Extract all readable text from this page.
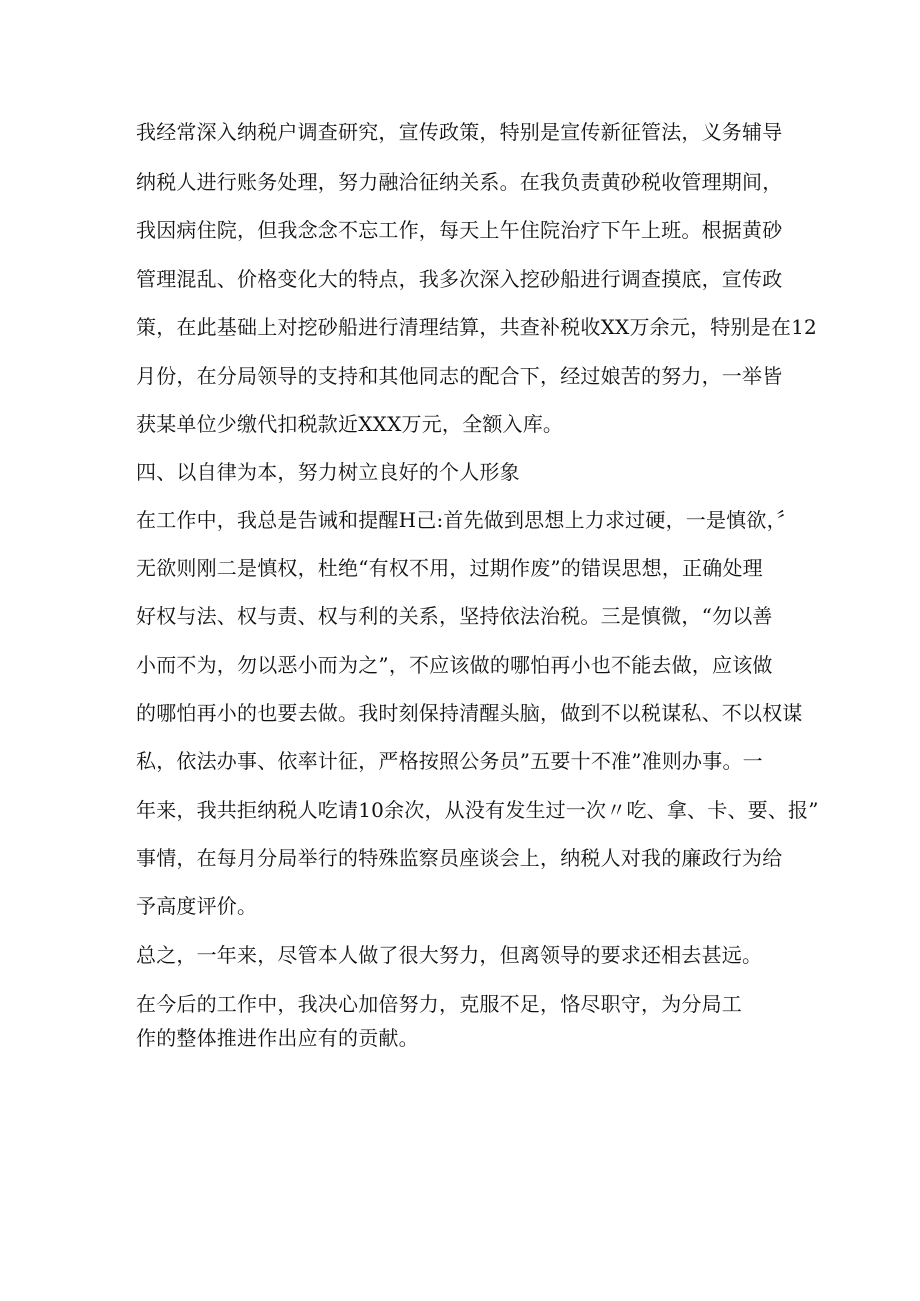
我经常深入纳税户调查研究，宣传政策，特别是宣传新征管法，义务辅导
纳税人进行账务处理，努力融洽征纳关系。在我负责黄砂税收管理期间，
我因病住院，但我念念不忘工作，每天上午住院治疗下午上班。根据黄砂
管理混乱、价格变化大的特点，我多次深入挖砂船进行调查摸底，宣传政
策，在此基础上对挖砂船进行清理结算，共查补税收XX万余元，特别是在12
月份，在分局领导的支持和其他同志的配合下，经过娘苦的努力，一举皆
获某单位少缴代扣税款近XXX万元，全额入库。
四、以自律为本，努力树立良好的个人形象
在工作中，我总是告诫和提醒H己:首先做到思想上力求过硬，一是慎欲，〞
无欲则刚二是慎权，杜绝“有权不用，过期作废”的错误思想，正确处理
好权与法、权与责、权与利的关系，坚持依法治税。三是慎微，“勿以善
小而不为，勿以恶小而为之”，不应该做的哪怕再小也不能去做，应该做
的哪怕再小的也要去做。我时刻保持清醒头脑，做到不以税谋私、不以权谋
私，依法办事、依率计征，严格按照公务员”五要十不准”准则办事。一
年来，我共拒纳税人吃请10余次，从没有发生过一次〃吃、拿、卡、要、报”
事情，在每月分局举行的特殊监察员座谈会上，纳税人对我的廉政行为给
予高度评价。
总之，一年来，尽管本人做了很大努力，但离领导的要求还相去甚远。
在今后的工作中，我决心加倍努力，克服不足，恪尽职守，为分局工
作的整体推进作出应有的贡献。
